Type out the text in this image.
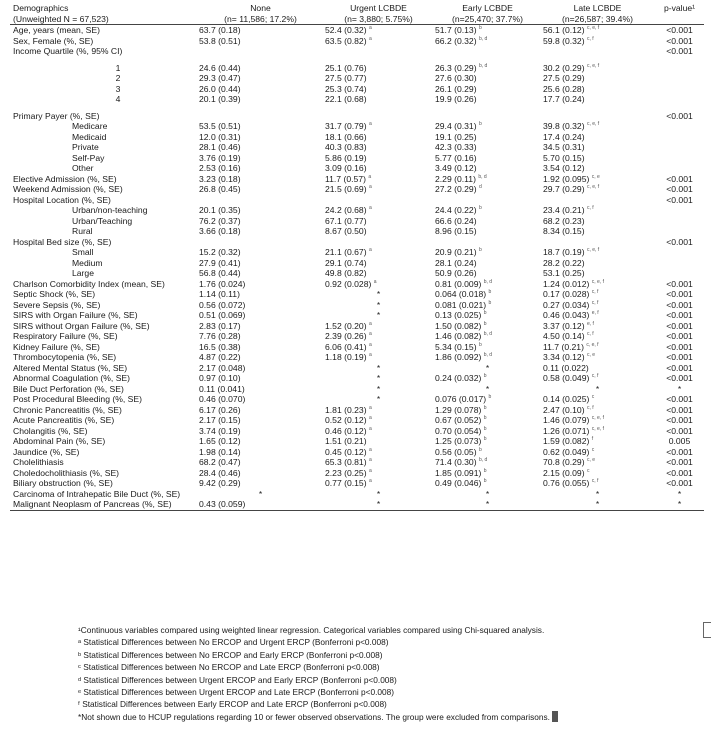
Demographics	None	Urgent LCBDE	Early LCBDE	Late LCBDE	p-value¹
(Unweighted N = 67,523)	(n= 11,586; 17.2%)	(n= 3,880; 5.75%)	(n=25,470; 37.7%)	(n=26,587; 39.4%)	
Age, years (mean, SE)	63.7 (0.18)	52.4 (0.32) $^a$	51.7 (0.13) $^b$	56.1 (0.12) $^{c, e, f}$	<0.001
Sex, Female (%, SE)	53.8 (0.51)	63.5 (0.82) $^a$	66.2 (0.32) $^{b, d}$	59.8 (0.32) $^{c, f}$	<0.001
Income Quartile (%, 95% CI)					<0.001

1	24.6 (0.44)	25.1 (0.76)	26.3 (0.29) $^{b, d}$	30.2 (0.29) $^{c, e, f}$	
2	29.3 (0.47)	27.5 (0.77)	27.6 (0.30)	27.5 (0.29)	
3	26.0 (0.44)	25.3 (0.74)	26.1 (0.29)	25.6 (0.28)	
4	20.1 (0.39)	22.1 (0.68)	19.9 (0.26)	17.7 (0.24)	

Primary Payer (%, SE)					<0.001
Medicare	53.5 (0.51)	31.7 (0.79) $^a$	29.4 (0.31) $^b$	39.8 (0.32) $^{c, e, f}$	
Medicaid	12.0 (0.31)	18.1 (0.66)	19.1 (0.25)	17.4 (0.24)	
Private	28.1 (0.46)	40.3 (0.83)	42.3 (0.33)	34.5 (0.31)	
Self-Pay	3.76 (0.19)	5.86 (0.19)	5.77 (0.16)	5.70 (0.15)	
Other	2.53 (0.16)	3.09 (0.16)	3.49 (0.12)	3.54 (0.12)	
Elective Admission (%, SE)	3.23 (0.18)	11.7 (0.57) $^a$	2.29 (0.11) $^{b, d}$	1.92 (0.095) $^{c, e}$	<0.001
Weekend Admission (%, SE)	26.8 (0.45)	21.5 (0.69) $^a$	27.2 (0.29) $^d$	29.7 (0.29) $^{c, e, f}$	<0.001
Hospital Location (%, SE)					<0.001
Urban/non-teaching	20.1 (0.35)	24.2 (0.68) $^a$	24.4 (0.22) $^b$	23.4 (0.21) $^{c, f}$	
Urban/Teaching	76.2 (0.37)	67.1 (0.77)	66.6 (0.24)	68.2 (0.23)	
Rural	3.66 (0.18)	8.67 (0.50)	8.96 (0.15)	8.34 (0.15)	
Hospital Bed size (%, SE)					<0.001
Small	15.2 (0.32)	21.1 (0.67) $^a$	20.9 (0.21) $^b$	18.7 (0.19) $^{c, e, f}$	
Medium	27.9 (0.41)	29.1 (0.74)	28.1 (0.24)	28.2 (0.22)	
Large	56.8 (0.44)	49.8 (0.82)	50.9 (0.26)	53.1 (0.25)	
Charlson Comorbidity Index (mean, SE)	1.76 (0.024)	0.92 (0.028) $^a$	0.81 (0.009) $^{b, d}$	1.24 (0.012) $^{c, e, f}$	<0.001
Septic Shock (%, SE)	1.14 (0.11)	*	0.064 (0.018) $^b$	0.17 (0.028) $^{c, f}$	<0.001
Severe Sepsis (%, SE)	0.56 (0.072)	*	0.081 (0.021) $^b$	0.27 (0.034) $^{c, f}$	<0.001
SIRS with Organ Failure (%, SE)	0.51 (0.069)	*	0.13 (0.025) $^b$	0.46 (0.043) $^{e, f}$	<0.001
SIRS without Organ Failure (%, SE)	2.83 (0.17)	1.52 (0.20) $^a$	1.50 (0.082) $^b$	3.37 (0.12) $^{e, f}$	<0.001
Respiratory Failure (%, SE)	7.76 (0.28)	2.39 (0.26) $^a$	1.46 (0.082) $^{b, d}$	4.50 (0.14) $^{c, f}$	<0.001
Kidney Failure (%, SE)	16.5 (0.38)	6.06 (0.41) $^a$	5.34 (0.15) $^b$	11.7 (0.21) $^{c, e, f}$	<0.001
Thrombocytopenia (%, SE)	4.87 (0.22)	1.18 (0.19) $^a$	1.86 (0.092) $^{b, d}$	3.34 (0.12) $^{c, e}$	<0.001
Altered Mental Status (%, SE)	2.17 (0.048)	*	*	0.11 (0.022)	<0.001
Abnormal Coagulation (%, SE)	0.97 (0.10)	*	0.24 (0.032) $^b$	0.58 (0.049) $^{c, f}$	<0.001
Bile Duct Perforation (%, SE)	0.11 (0.041)	*	*	*	*
Post Procedural Bleeding (%, SE)	0.46 (0.070)	*	0.076 (0.017) $^b$	0.14 (0.025) $^c$	<0.001
Chronic Pancreatitis (%, SE)	6.17 (0.26)	1.81 (0.23) $^a$	1.29 (0.078) $^b$	2.47 (0.10) $^{c, f}$	<0.001
Acute Pancreatitis (%, SE)	2.17 (0.15)	0.52 (0.12) $^a$	0.67 (0.052) $^b$	1.46 (0.079) $^{c, e, f}$	<0.001
Cholangitis (%, SE)	3.74 (0.19)	0.46 (0.12) $^a$	0.70 (0.054) $^b$	1.26 (0.071) $^{c, e, f}$	<0.001
Abdominal Pain (%, SE)	1.65 (0.12)	1.51 (0.21)	1.25 (0.073) $^b$	1.59 (0.082) $^f$	0.005
Jaundice (%, SE)	1.98 (0.14)	0.45 (0.12) $^a$	0.56 (0.05) $^b$	0.62 (0.049) $^c$	<0.001
Cholelithiasis	68.2 (0.47)	65.3 (0.81) $^a$	71.4 (0.30) $^{b, d}$	70.8 (0.29) $^{c, e}$	<0.001
Choledocholithiasis (%, SE)	28.4 (0.46)	2.23 (0.25) $^a$	1.85 (0.091) $^b$	2.15 (0.09) $^c$	<0.001
Biliary obstruction (%, SE)	9.42 (0.29)	0.77 (0.15) $^a$	0.49 (0.046) $^b$	0.76 (0.055) $^{c, f}$	<0.001
Carcinoma of Intrahepatic Bile Duct (%, SE)	*	*	*	*	*
Malignant Neoplasm of Pancreas (%, SE)	0.43 (0.059)	*	*	*	*
¹Continuous variables compared using weighted linear regression. Categorical variables compared using Chi-squared analysis.
ᵃ Statistical Differences between No ERCOP and Urgent ERCP (Bonferroni p<0.008)
ᵇ Statistical Differences between No ERCOP and Early ERCP (Bonferroni p<0.008)
ᶜ Statistical Differences between No ERCOP and Late ERCP (Bonferroni p<0.008)
ᵈ Statistical Differences between Urgent ERCOP and Early ERCP (Bonferroni p<0.008)
ᵉ Statistical Differences between Urgent ERCOP and Late ERCP (Bonferroni p<0.008)
ᶠ Statistical Differences between Early ERCOP and Late ERCP (Bonferroni p<0.008)
*Not shown due to HCUP regulations regarding 10 or fewer observed observations. The group were excluded from comparisons.
